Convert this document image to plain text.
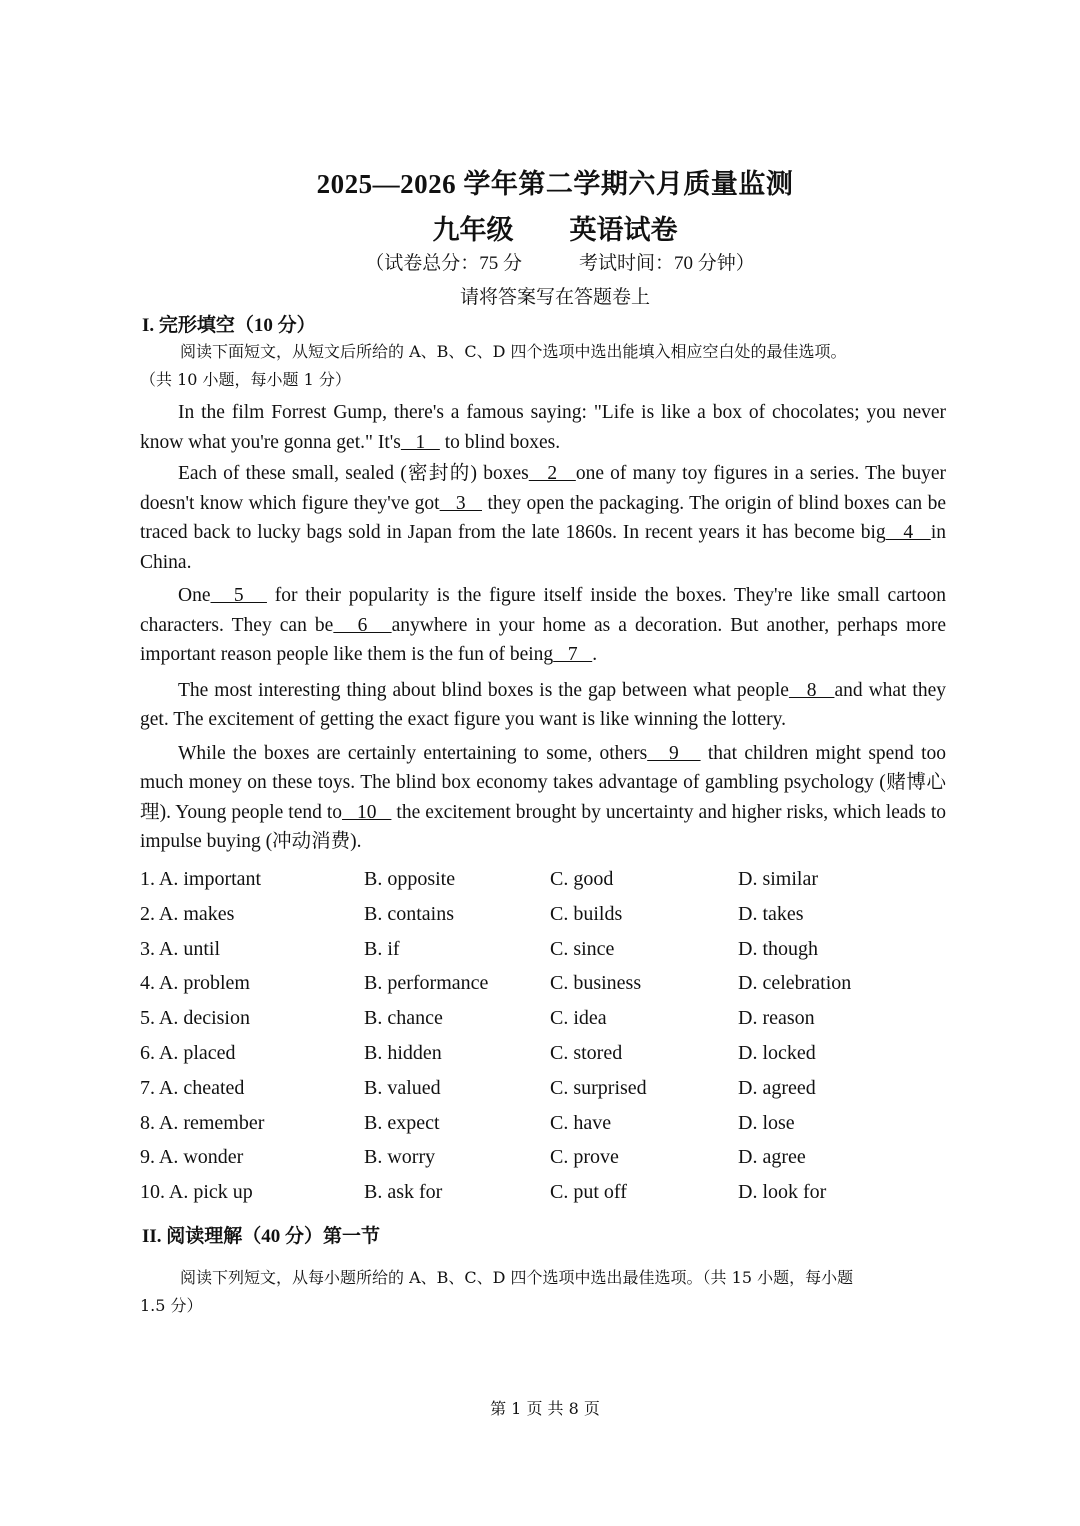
2025—2026 学年第二学期六月质量监测
九年级 英语试卷
（试卷总分：75 分　　　考试时间：70 分钟）
请将答案写在答题卷上
I. 完形填空（10 分）
阅读下面短文，从短文后所给的 A、B、C、D 四个选项中选出能填入相应空白处的最佳选项。
（共 10 小题，每小题 1 分）

In the film Forrest Gump, there's a famous saying: "Life is like a box of chocolates; you never know what you're gonna get." It's   1    to blind boxes.

Each of these small, sealed (密封的) boxes   2   one of many toy figures in a series. The buyer doesn't know which figure they've got   3    they open the packaging. The origin of blind boxes can be traced back to lucky bags sold in Japan from the late 1860s. In recent years it has become big   4   in China.

One   5    for their popularity is the figure itself inside the boxes. They're like small cartoon characters. They can be   6   anywhere in your home as a decoration. But another, perhaps more important reason people like them is the fun of being   7   .

The most interesting thing about blind boxes is the gap between what people   8   and what they get. The excitement of getting the exact figure you want is like winning the lottery.

While the boxes are certainly entertaining to some, others   9    that children might spend too much money on these toys. The blind box economy takes advantage of gambling psychology (赌博心理). Young people tend to   10    the excitement brought by uncertainty and higher risks, which leads to impulse buying (冲动消费).

1. A. important	B. opposite	C. good	D. similar
2. A. makes	B. contains	C. builds	D. takes
3. A. until	B. if	C. since	D. though
4. A. problem	B. performance	C. business	D. celebration
5. A. decision	B. chance	C. idea	D. reason
6. A. placed	B. hidden	C. stored	D. locked
7. A. cheated	B. valued	C. surprised	D. agreed
8. A. remember	B. expect	C. have	D. lose
9. A. wonder	B. worry	C. prove	D. agree
10. A. pick up	B. ask for	C. put off	D. look for
II. 阅读理解（40 分）第一节
阅读下列短文，从每小题所给的 A、B、C、D 四个选项中选出最佳选项。（共 15 小题，每小题
1.5 分）
第 1 页 共 8 页
